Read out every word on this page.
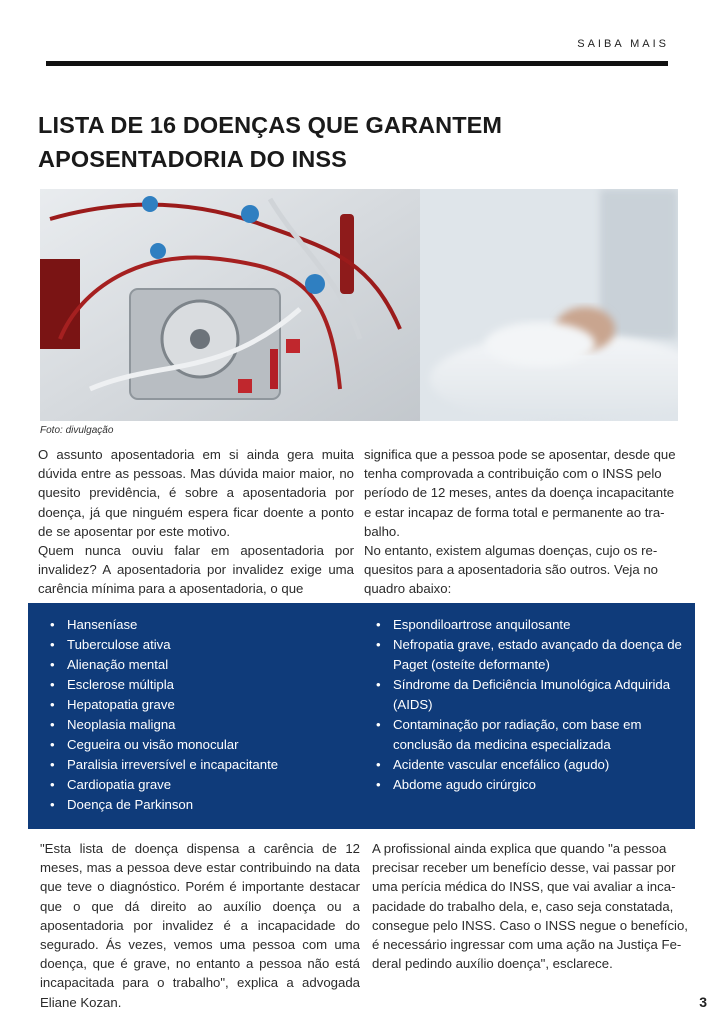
SAIBA MAIS
LISTA DE 16 DOENÇAS QUE GARANTEM APOSENTADORIA DO INSS
Foto: divulgação

O assunto aposentadoria em si ainda gera muita dúvida entre as pessoas. Mas dúvida maior maior, no quesito previdência, é sobre a aposentadoria por doença, já que ninguém espera ficar doente a ponto de se aposentar por este motivo.

Quem nunca ouviu falar em aposentadoria por invalidez? A aposentadoria por invalidez exige uma carência mínima para a aposentadoria, o que

significa que a pessoa pode se aposentar, desde que tenha comprovada a contribuição com o INSS pelo período de 12 meses, antes da doença incapacitante e estar incapaz de forma total e permanente ao tra-balho.

No entanto, existem algumas doenças, cujo os re-quesitos para a aposentadoria são outros. Veja no quadro abaixo:

• Hanseníase
• Tuberculose ativa
• Alienação mental
• Esclerose múltipla
• Hepatopatia grave
• Neoplasia maligna
• Cegueira ou visão monocular
• Paralisia irreversível e incapacitante
• Cardiopatia grave
• Doença de Parkinson
• Espondiloartrose anquilosante
• Nefropatia grave, estado avançado da doença de Paget (osteíte deformante)
• Síndrome da Deficiência Imunológica Adquirida (AIDS)
• Contaminação por radiação, com base em conclusão da medicina especializada
• Acidente vascular encefálico (agudo)
• Abdome agudo cirúrgico

"Esta lista de doença dispensa a carência de 12 meses, mas a pessoa deve estar contribuindo na data que teve o diagnóstico. Porém é importante destacar que o que dá direito ao auxílio doença ou a aposentadoria por invalidez é a incapacidade do segurado. Ás vezes, vemos uma pessoa com uma doença, que é grave, no entanto a pessoa não está incapacitada para o trabalho", explica a advogada Eliane Kozan.

A profissional ainda explica que quando "a pessoa precisar receber um benefício desse, vai passar por uma perícia médica do INSS, que vai avaliar a inca-pacidade do trabalho dela, e, caso seja constatada, consegue pelo INSS. Caso o INSS negue o benefício, é necessário ingressar com uma ação na Justiça Fe-deral pedindo auxílio doença", esclarece.

3
